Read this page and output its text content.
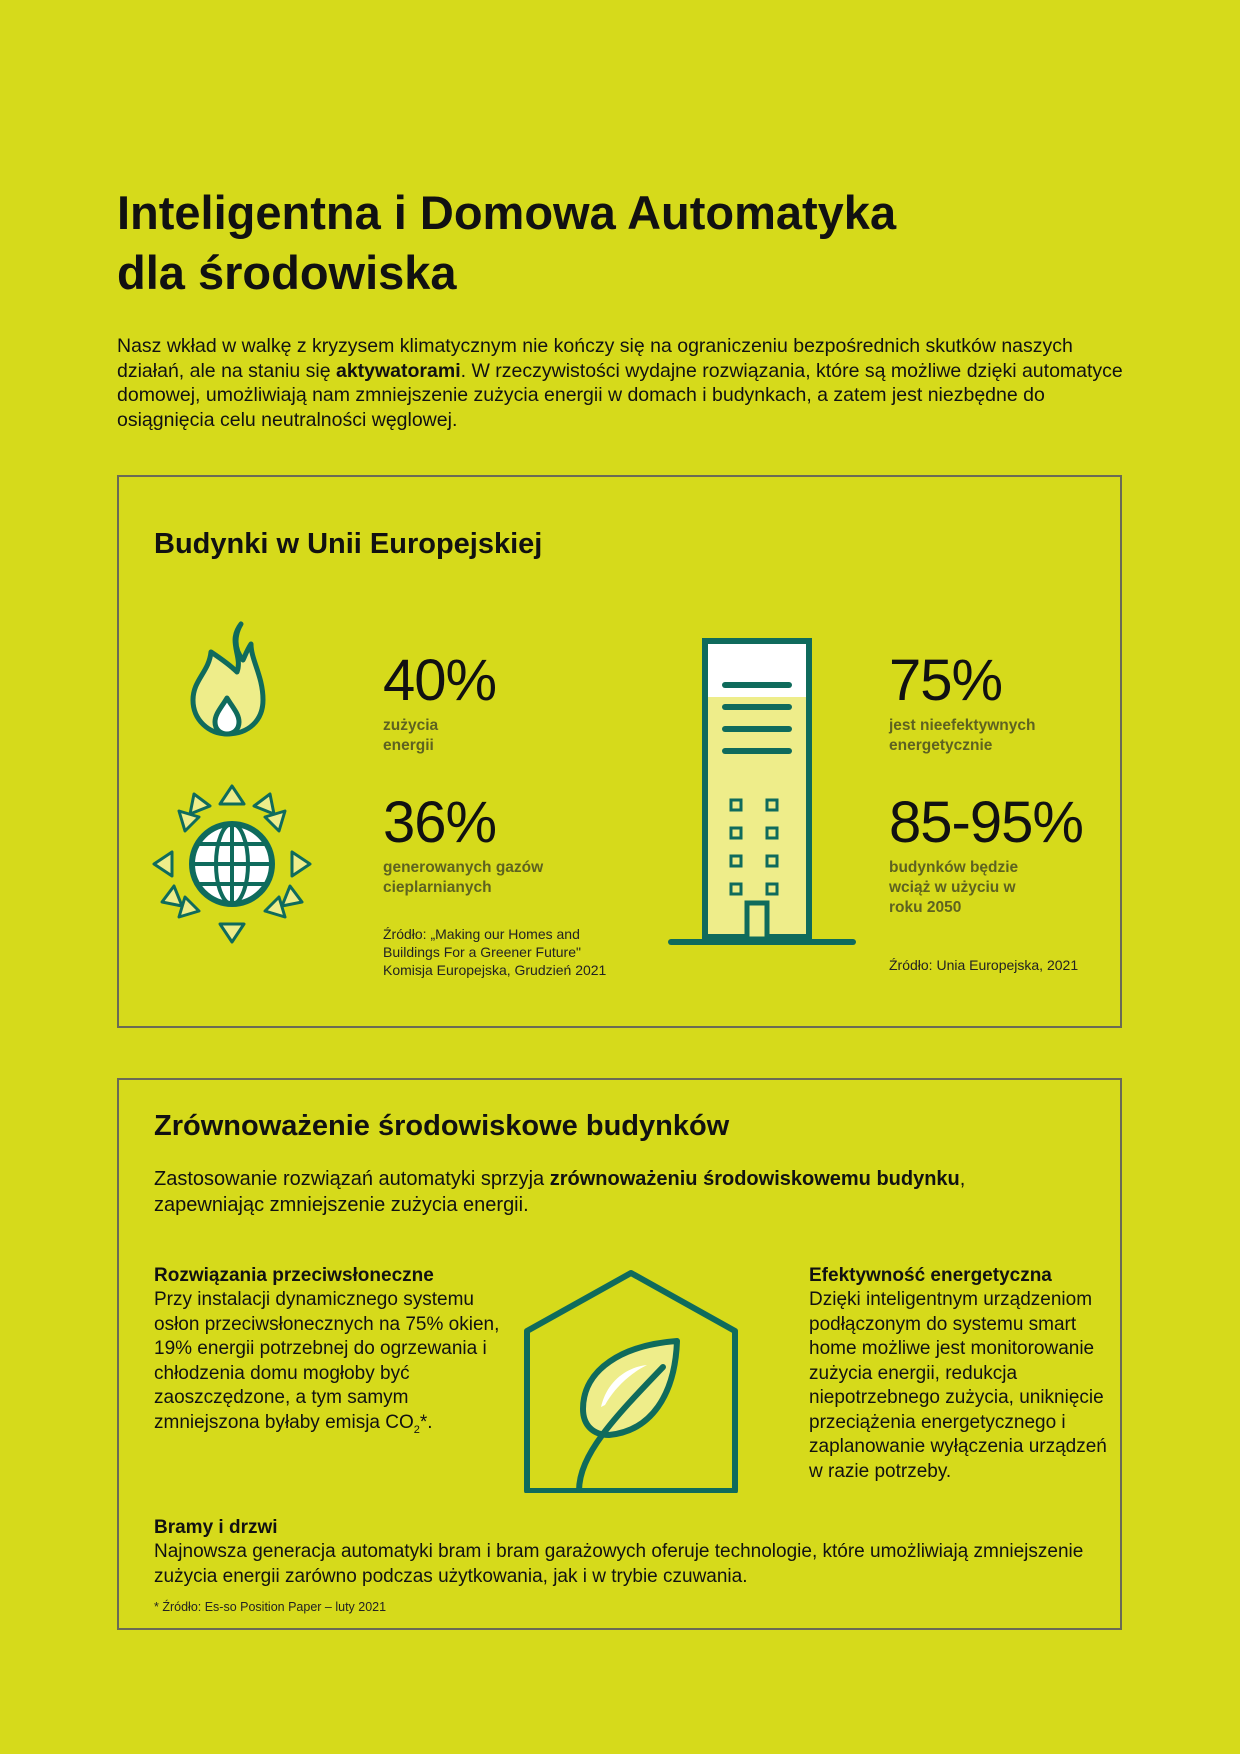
Inteligentna i Domowa Automatyka
dla środowiska

Nasz wkład w walkę z kryzysem klimatycznym nie kończy się na ograniczeniu bezpośrednich skutków naszych działań, ale na staniu się aktywatorami. W rzeczywistości wydajne rozwiązania, które są możliwe dzięki automatyce domowej, umożliwiają nam zmniejszenie zużycia energii w domach i budynkach, a zatem jest niezbędne do osiągnięcia celu neutralności węglowej.

Budynki w Unii Europejskiej
40%
zużycia
energii
36%
generowanych gazów
cieplarnianych
Źródło: „Making our Homes and
Buildings For a Greener Future"
Komisja Europejska, Grudzień 2021
75%
jest nieefektywnych
energetycznie
85-95%
budynków będzie
wciąż w użyciu w
roku 2050
Źródło: Unia Europejska, 2021
Zrównoważenie środowiskowe budynków

Zastosowanie rozwiązań automatyki sprzyja zrównoważeniu środowiskowemu budynku, zapewniając zmniejszenie zużycia energii.

Rozwiązania przeciwsłoneczne
Przy instalacji dynamicznego systemu osłon przeciwsłonecznych na 75% okien, 19% energii potrzebnej do ogrzewania i chłodzenia domu mogłoby być zaoszczędzone, a tym samym zmniejszona byłaby emisja $CO_2*$.
Efektywność energetyczna
Dzięki inteligentnym urządzeniom podłączonym do systemu smart home możliwe jest monitorowanie zużycia energii, redukcja niepotrzebnego zużycia, uniknięcie przeciążenia energetycznego i zaplanowanie wyłączenia urządzeń w razie potrzeby.
Bramy i drzwi
Najnowsza generacja automatyki bram i bram garażowych oferuje technologie, które umożliwiają zmniejszenie zużycia energii zarówno podczas użytkowania, jak i w trybie czuwania.
* Źródło: Es-so Position Paper – luty 2021
